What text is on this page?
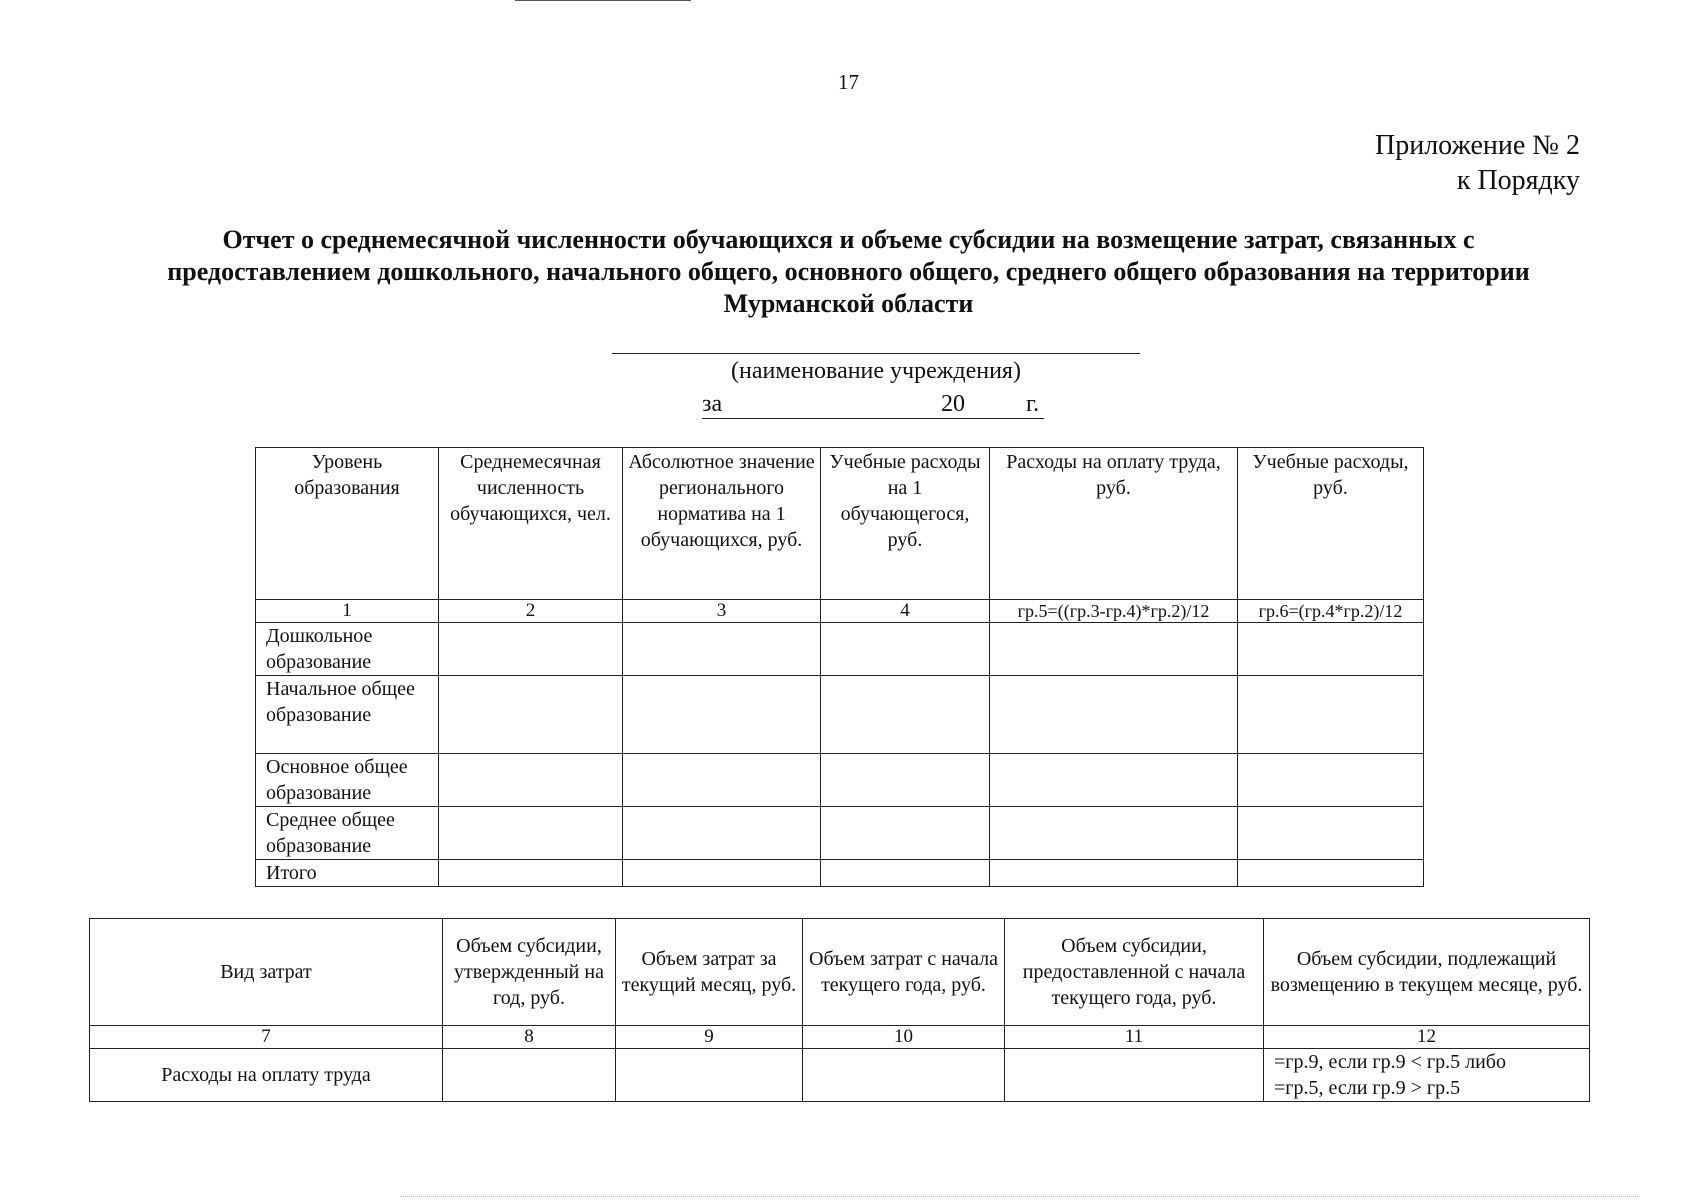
17
Приложение № 2
к Порядку
Отчет о среднемесячной численности обучающихся и объеме субсидии на возмещение затрат, связанных с предоставлением дошкольного, начального общего, основного общего, среднего общего образования на территории Мурманской области
(наименование учреждения)
за	20	г.
Уровень образования	Среднемесячная численность обучающихся, чел.	Абсолютное значение регионального норматива на 1 обучающихся, руб.	Учебные расходы на 1 обучающегося, руб.	Расходы на оплату труда, руб.	Учебные расходы, руб.
1	2	3	4	гр.5=((гр.3-гр.4)*гр.2)/12	гр.6=(гр.4*гр.2)/12
Дошкольное образование					
Начальное общее образование					
Основное общее образование					
Среднее общее образование					
Итого					
Вид затрат	Объем субсидии, утвержденный на год, руб.	Объем затрат за текущий месяц, руб.	Объем затрат с начала текущего года, руб.	Объем субсидии, предоставленной с начала текущего года, руб.	Объем субсидии, подлежащий возмещению в текущем месяце, руб.
7	8	9	10	11	12
Расходы на оплату труда					=гр.9, если гр.9 < гр.5 либо
=гр.5, если гр.9 > гр.5
